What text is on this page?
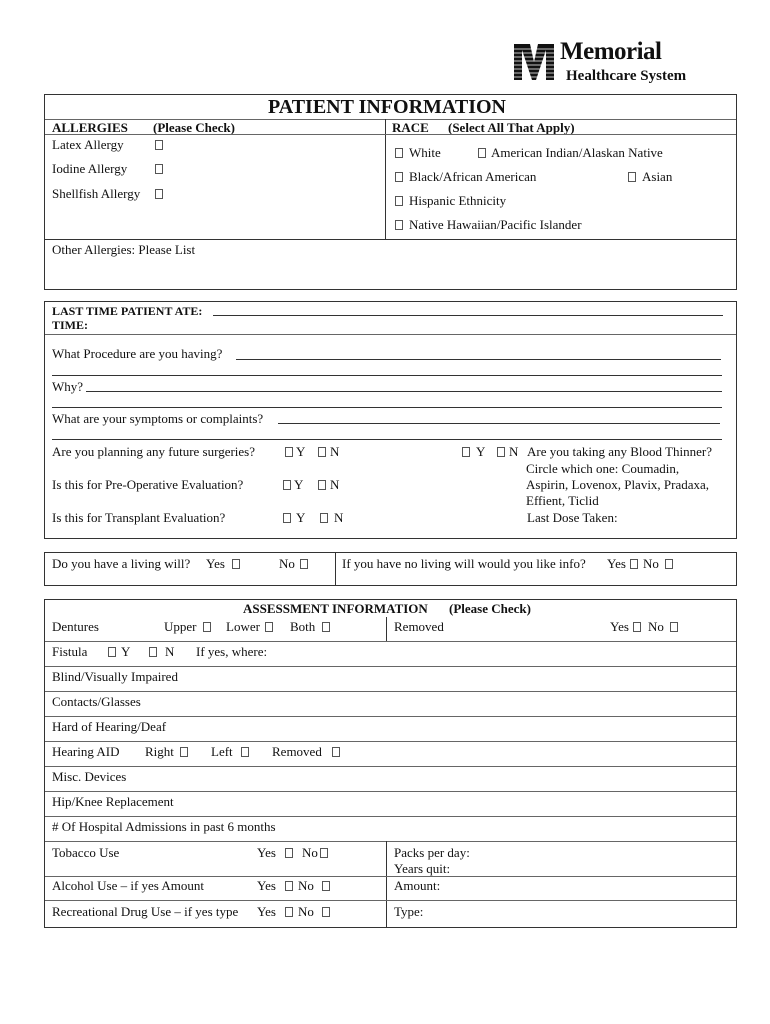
Memorial
Healthcare System
PATIENT INFORMATION
ALLERGIES (Please Check)
Latex Allergy
Iodine Allergy
Shellfish Allergy
RACE (Select All That Apply)
White	American Indian/Alaskan Native
Black/African American	Asian
Hispanic Ethnicity
Native Hawaiian/Pacific Islander
Other Allergies: Please List
LAST TIME PATIENT ATE:
TIME:
What Procedure are you having?
Why?
What are your symptoms or complaints?
Are you planning any future surgeries?	Y N
Is this for Pre-Operative Evaluation?	Y N
Is this for Transplant Evaluation?	Y N
Y N Are you taking any Blood Thinner?
Circle which one: Coumadin,
Aspirin, Lovenox, Plavix, Pradaxa,
Effient, Ticlid
Last Dose Taken:
Do you have a living will? Yes	No	If you have no living will would you like info? Yes No
ASSESSMENT INFORMATION (Please Check)
Dentures	Upper Lower Both	Removed	Yes No
Fistula	Y	N If yes, where:
Blind/Visually Impaired
Contacts/Glasses
Hard of Hearing/Deaf
Hearing AID Right	Left	Removed
Misc. Devices
Hip/Knee Replacement
# Of Hospital Admissions in past 6 months
Tobacco Use	Yes No	Packs per day:
Years quit:
Alcohol Use – if yes Amount	Yes No	Amount:
Recreational Drug Use – if yes type Yes No	Type:
